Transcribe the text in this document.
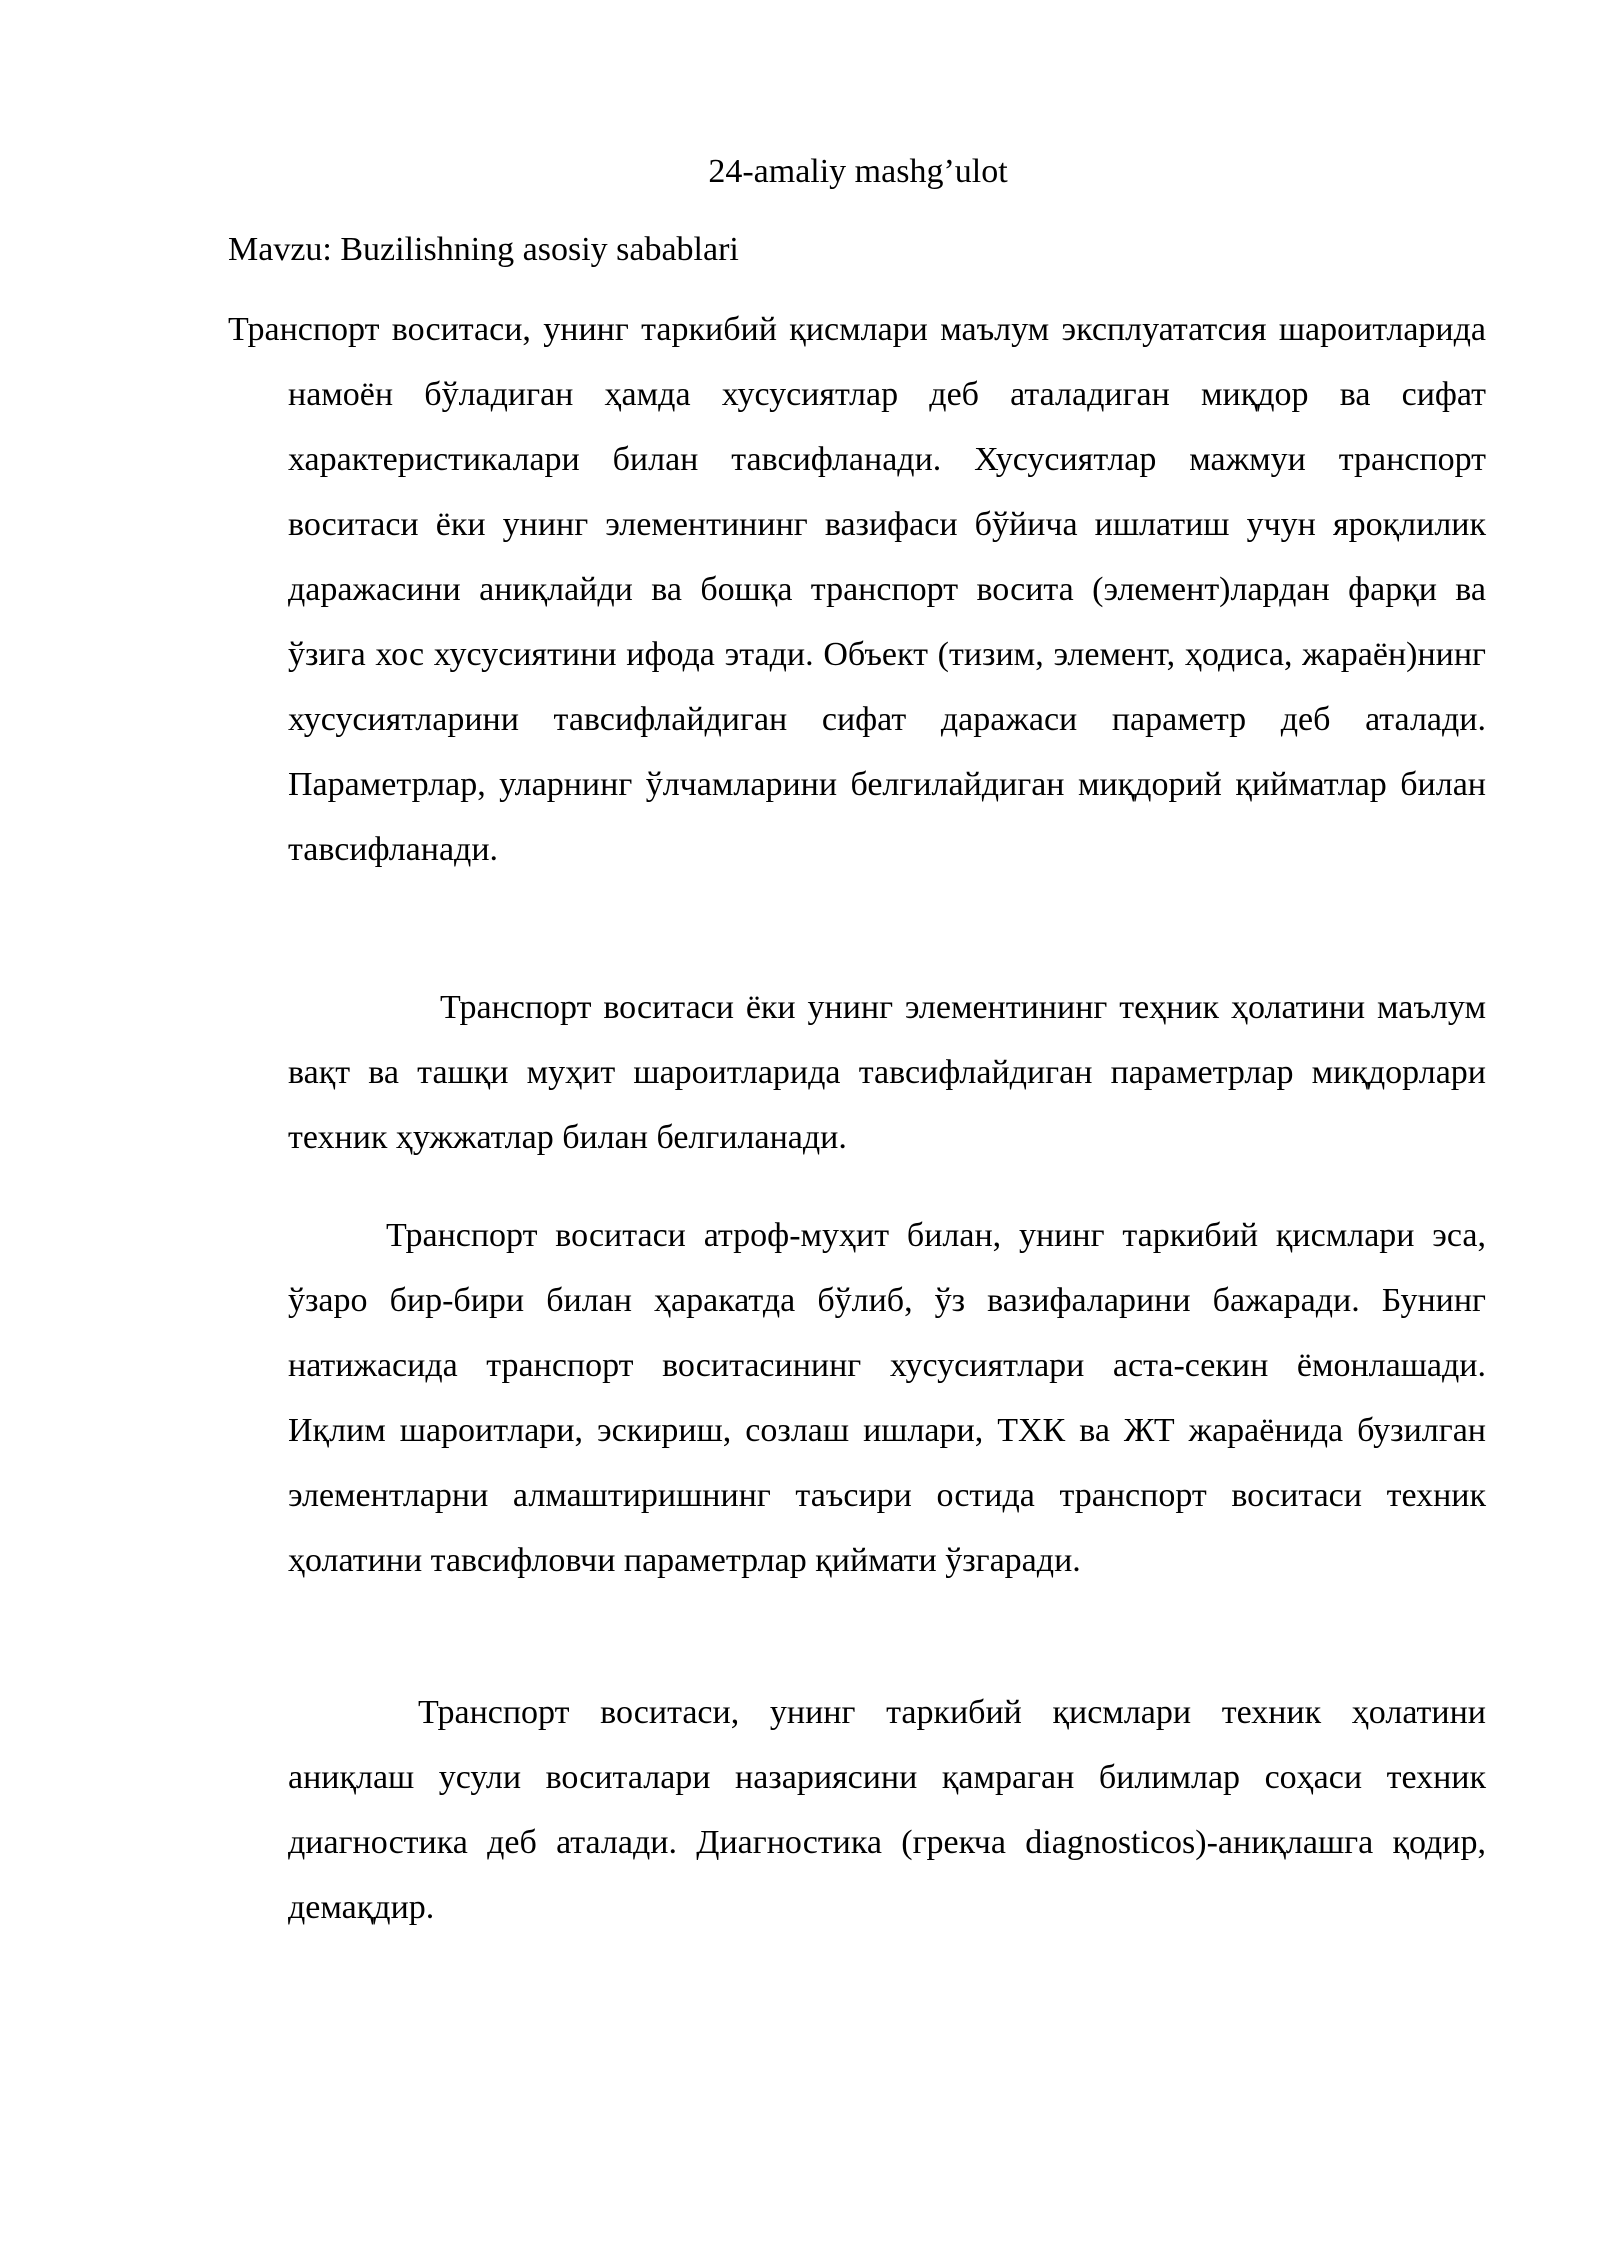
24-amaliy mashg’ulot

Mavzu: Buzilishning asosiy sabablari

Транспорт воситаси, унинг таркибий қисмлари маълум эксплуататсия шароитларида намоён бўладиган ҳамда хусусиятлар деб аталадиган миқдор ва сифат характеристикалари билан тавсифланади. Хусусиятлар мажмуи транспорт воситаси ёки унинг элементининг вазифаси бўйича ишлатиш учун яроқлилик даражасини аниқлайди ва бошқа транспорт восита (элемент)лардан фарқи ва ўзига хос хусусиятини ифода этади. Объект (тизим, элемент, ҳодиса, жараён)нинг хусусиятларини тавсифлайдиган сифат даражаси параметр деб аталади. Параметрлар, уларнинг ўлчамларини белгилайдиган миқдорий қийматлар билан тавсифланади.

Транспорт воситаси ёки унинг элементининг теҳник ҳолатини маълум вақт ва ташқи муҳит шароитларида тавсифлайдиган параметрлар миқдорлари техник ҳужжатлар билан белгиланади.

Транспорт воситаси атроф-муҳит билан, унинг таркибий қисмлари эса, ўзаро бир-бири билан ҳаракатда бўлиб, ўз вазифаларини бажаради. Бунинг натижасида транспорт воситасининг хусусиятлари аста-секин ёмонлашади. Иқлим шароитлари, эскириш, созлаш ишлари, ТХК ва ЖТ жараёнида бузилган элементларни алмаштиришнинг таъсири остида транспорт воситаси техник ҳолатини тавсифловчи параметрлар қиймати ўзгаради.

Транспорт воситаси, унинг таркибий қисмлари техник ҳолатини аниқлаш усули воситалари назариясини қамраган билимлар соҳаси техник диагностика деб аталади. Диагностика (грекча diagnosticos)-аниқлашга қодир, демақдир.
